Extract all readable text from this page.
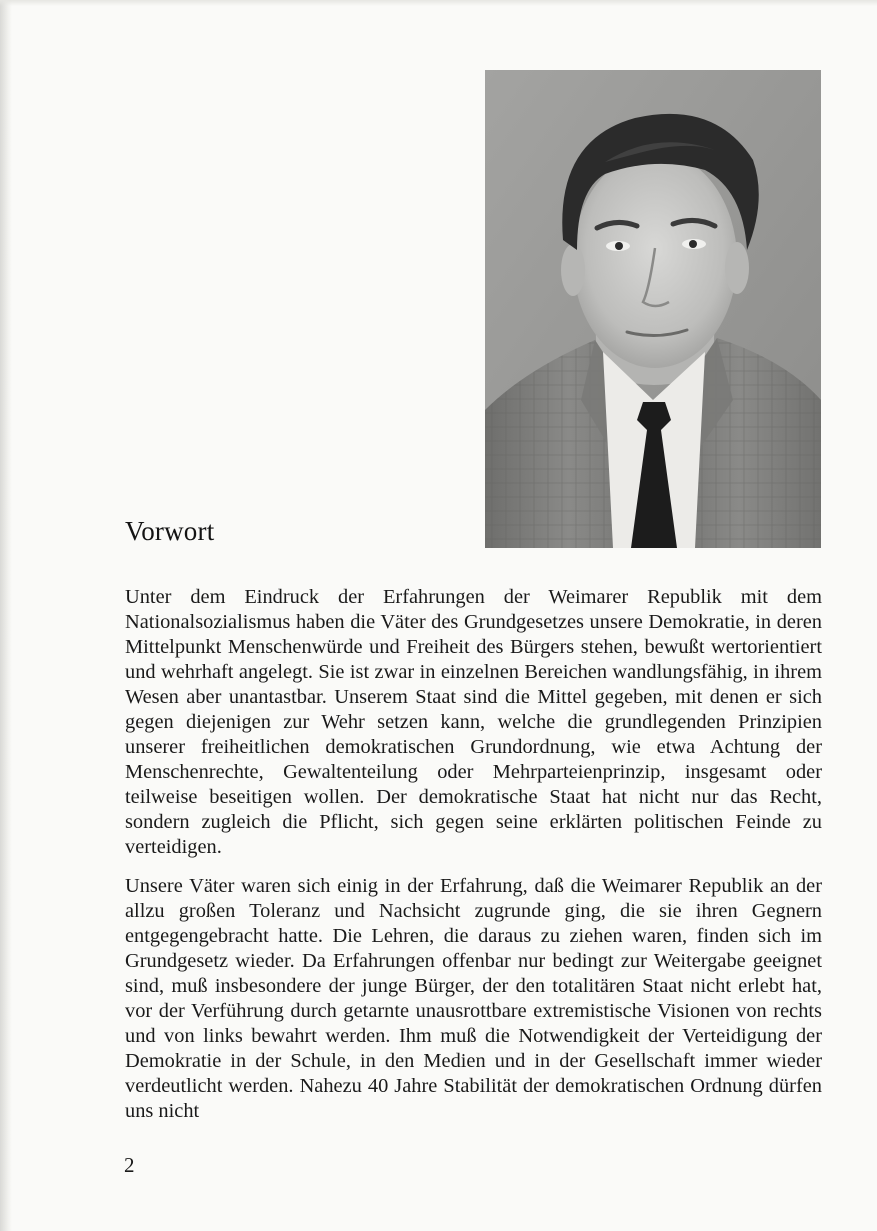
Vorwort

Unter dem Eindruck der Erfahrungen der Weimarer Republik mit dem Nationalsozialismus haben die Väter des Grundgesetzes unsere Demokratie, in deren Mittelpunkt Menschenwürde und Freiheit des Bürgers stehen, bewußt wertorientiert und wehrhaft angelegt. Sie ist zwar in einzelnen Bereichen wandlungsfähig, in ihrem Wesen aber unantastbar. Unserem Staat sind die Mittel gegeben, mit denen er sich gegen diejenigen zur Wehr setzen kann, welche die grundlegenden Prinzipien unserer freiheitlichen demokratischen Grundordnung, wie etwa Achtung der Menschenrechte, Gewaltenteilung oder Mehrparteienprinzip, insgesamt oder teilweise beseitigen wollen. Der demokratische Staat hat nicht nur das Recht, sondern zugleich die Pflicht, sich gegen seine erklärten politischen Feinde zu verteidigen.

Unsere Väter waren sich einig in der Erfahrung, daß die Weimarer Republik an der allzu großen Toleranz und Nachsicht zugrunde ging, die sie ihren Gegnern entgegengebracht hatte. Die Lehren, die daraus zu ziehen waren, finden sich im Grundgesetz wieder. Da Erfahrungen offenbar nur bedingt zur Weitergabe geeignet sind, muß insbesondere der junge Bürger, der den totalitären Staat nicht erlebt hat, vor der Verführung durch getarnte unausrottbare extremistische Visionen von rechts und von links bewahrt werden. Ihm muß die Notwendigkeit der Verteidigung der Demokratie in der Schule, in den Medien und in der Gesellschaft immer wieder verdeutlicht werden. Nahezu 40 Jahre Stabilität der demokratischen Ordnung dürfen uns nicht

2
